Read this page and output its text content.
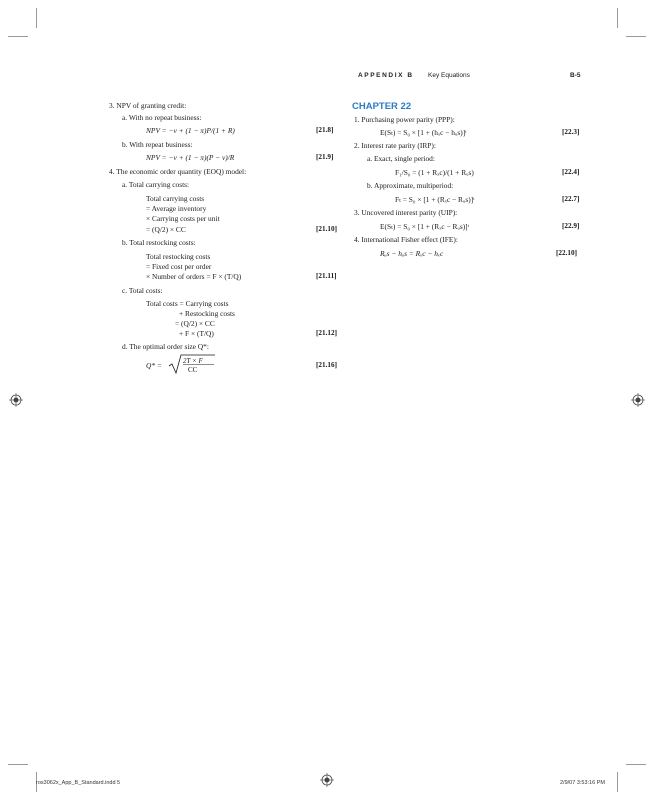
APPENDIX B Key Equations	B-5
3. NPV of granting credit:
a. With no repeat business:
NPV = −v + (1 − π)P/(1 + R)	[21.8]
b. With repeat business:
NPV = −v + (1 − π)(P − v)/R	[21.9]
4. The economic order quantity (EOQ) model:
a. Total carrying costs:
Total carrying costs
= Average inventory
× Carrying costs per unit
= (Q/2) × CC	[21.10]
b. Total restocking costs:
Total restocking costs
= Fixed cost per order
× Number of orders = F × (T/Q)	[21.11]
c. Total costs:
Total costs = Carrying costs
+ Restocking costs
= (Q/2) × CC
+ F × (T/Q)	[21.12]
d. The optimal order size Q*:
Q* =	2T × F
CC
[21.16]
CHAPTER 22
1. Purchasing power parity (PPP):
E(Sₜ) = S₀ × [1 + (hₓc − hᵤs)]ᵗ	[22.3]
2. Interest rate parity (IRP):
a. Exact, single period:
F₁/S₀ = (1 + Rₓc)/(1 + Rᵤs)	[22.4]
b. Approximate, multiperiod:
Fₜ = S₀ × [1 + (Rₓc − Rᵤs)]ᵗ	[22.7]
3. Uncovered interest parity (UIP):
E(Sₜ) = S₀ × [1 + (Rₓc − Rᵤs)]ᵗ	[22.9]
4. International Fisher effect (IFE):
Rᵤs − hᵤs = Rₓc − hₓc	[22.10]
ros3062x_App_B_Standard.indd 5	2/9/07 3:53:16 PM
